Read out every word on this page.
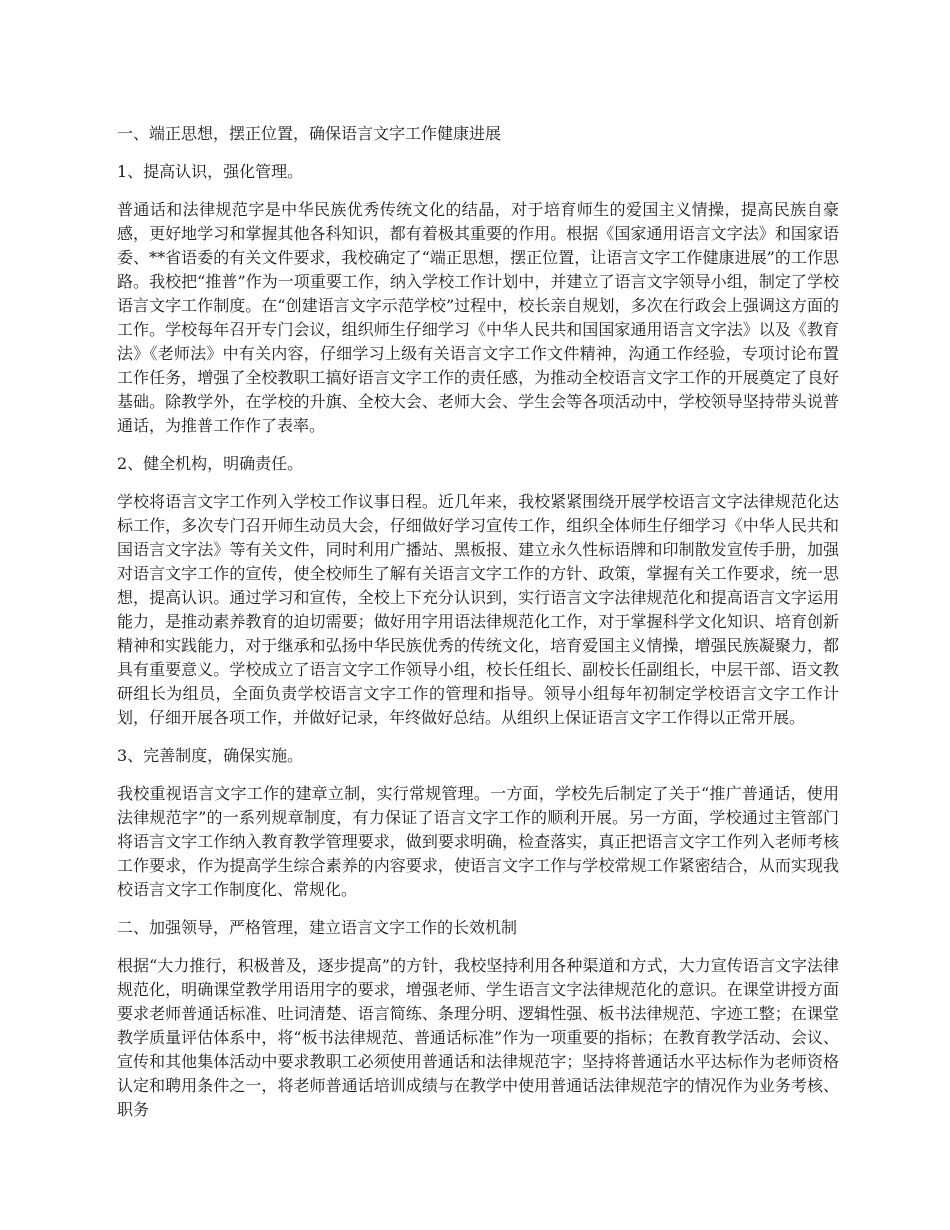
一、端正思想，摆正位置，确保语言文字工作健康进展

1、提高认识，强化管理。

普通话和法律规范字是中华民族优秀传统文化的结晶，对于培育师生的爱国主义情操，提高民族自豪感，更好地学习和掌握其他各科知识，都有着极其重要的作用。根据《国家通用语言文字法》和国家语委、**省语委的有关文件要求，我校确定了“端正思想，摆正位置，让语言文字工作健康进展”的工作思路。我校把“推普”作为一项重要工作，纳入学校工作计划中，并建立了语言文字领导小组，制定了学校语言文字工作制度。在“创建语言文字示范学校”过程中，校长亲自规划，多次在行政会上强调这方面的工作。学校每年召开专门会议，组织师生仔细学习《中华人民共和国国家通用语言文字法》以及《教育法》《老师法》中有关内容，仔细学习上级有关语言文字工作文件精神，沟通工作经验，专项讨论布置工作任务，增强了全校教职工搞好语言文字工作的责任感，为推动全校语言文字工作的开展奠定了良好基础。除教学外，在学校的升旗、全校大会、老师大会、学生会等各项活动中，学校领导坚持带头说普通话，为推普工作作了表率。

2、健全机构，明确责任。

学校将语言文字工作列入学校工作议事日程。近几年来，我校紧紧围绕开展学校语言文字法律规范化达标工作，多次专门召开师生动员大会，仔细做好学习宣传工作，组织全体师生仔细学习《中华人民共和国语言文字法》等有关文件，同时利用广播站、黑板报、建立永久性标语牌和印制散发宣传手册，加强对语言文字工作的宣传，使全校师生了解有关语言文字工作的方针、政策，掌握有关工作要求，统一思想，提高认识。通过学习和宣传，全校上下充分认识到，实行语言文字法律规范化和提高语言文字运用能力，是推动素养教育的迫切需要；做好用字用语法律规范化工作，对于掌握科学文化知识、培育创新精神和实践能力，对于继承和弘扬中华民族优秀的传统文化，培育爱国主义情操，增强民族凝聚力，都具有重要意义。学校成立了语言文字工作领导小组，校长任组长、副校长任副组长，中层干部、语文教研组长为组员，全面负责学校语言文字工作的管理和指导。领导小组每年初制定学校语言文字工作计划，仔细开展各项工作，并做好记录，年终做好总结。从组织上保证语言文字工作得以正常开展。

3、完善制度，确保实施。

我校重视语言文字工作的建章立制，实行常规管理。一方面，学校先后制定了关于“推广普通话，使用法律规范字”的一系列规章制度，有力保证了语言文字工作的顺利开展。另一方面，学校通过主管部门将语言文字工作纳入教育教学管理要求，做到要求明确，检查落实，真正把语言文字工作列入老师考核工作要求，作为提高学生综合素养的内容要求，使语言文字工作与学校常规工作紧密结合，从而实现我校语言文字工作制度化、常规化。

二、加强领导，严格管理，建立语言文字工作的长效机制

根据“大力推行，积极普及，逐步提高”的方针，我校坚持利用各种渠道和方式，大力宣传语言文字法律规范化，明确课堂教学用语用字的要求，增强老师、学生语言文字法律规范化的意识。在课堂讲授方面要求老师普通话标准、吐词清楚、语言简练、条理分明、逻辑性强、板书法律规范、字迹工整；在课堂教学质量评估体系中，将“板书法律规范、普通话标准”作为一项重要的指标；在教育教学活动、会议、宣传和其他集体活动中要求教职工必须使用普通话和法律规范字；坚持将普通话水平达标作为老师资格认定和聘用条件之一，将老师普通话培训成绩与在教学中使用普通话法律规范字的情况作为业务考核、职务
